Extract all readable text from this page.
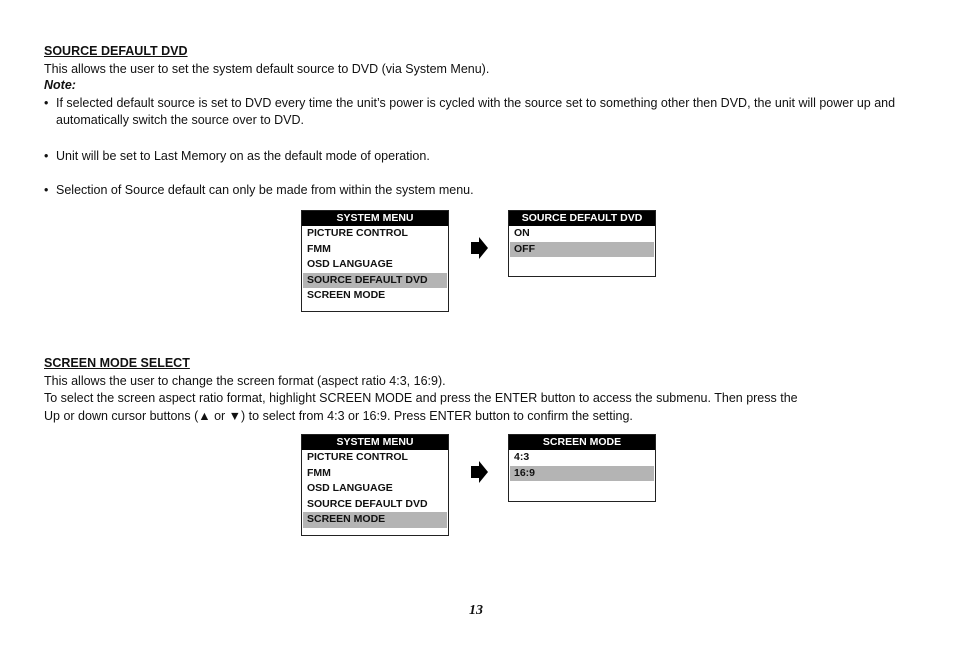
SOURCE DEFAULT DVD
This allows the user to set the system default source to DVD (via System Menu).
Note:
• If selected default source is set to DVD every time the unit’s power is cycled with the source set to something other then DVD, the unit will power up and automatically switch the source over to DVD.
• Unit will be set to Last Memory on as the default mode of operation.
• Selection of Source default can only be made from within the system menu.
SYSTEM MENU
PICTURE CONTROL
FMM
OSD LANGUAGE
SOURCE DEFAULT DVD
SCREEN MODE
SOURCE DEFAULT DVD
ON
OFF
SCREEN MODE SELECT
This allows the user to change the screen format (aspect ratio 4:3, 16:9).
To select the screen aspect ratio format, highlight SCREEN MODE and press the ENTER button to access the submenu. Then press the
Up or down cursor buttons (▲ or ▼) to select from 4:3 or 16:9. Press ENTER button to confirm the setting.
SYSTEM MENU
PICTURE CONTROL
FMM
OSD LANGUAGE
SOURCE DEFAULT DVD
SCREEN MODE
SCREEN MODE
4:3
16:9
13
